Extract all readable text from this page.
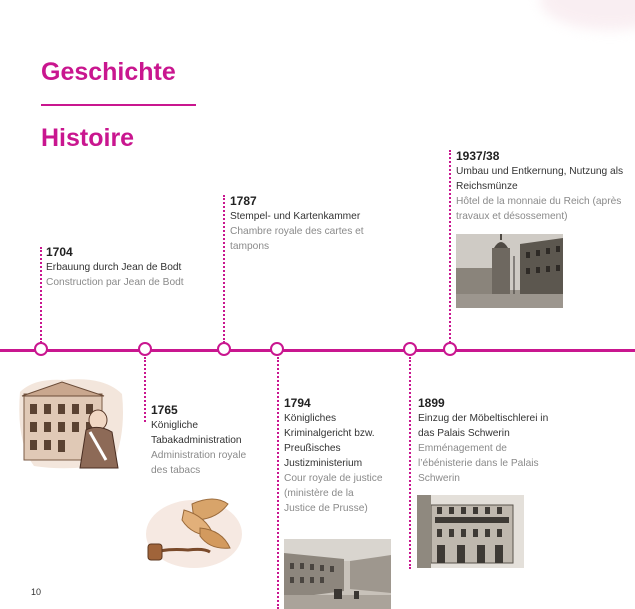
Geschichte
Histoire
1704
Erbauung durch Jean de Bodt
Construction par Jean de Bodt
1765
Königliche Tabakadministration
Administration royale des tabacs
1787
Stempel- und Kartenkammer
Chambre royale des cartes et tampons
1794
Königliches Kriminalgericht bzw. Preußisches Justizministerium
Cour royale de justice (ministère de la Justice de Prusse)
1899
Einzug der Möbeltischlerei in das Palais Schwerin
Emménagement de l’ébénisterie dans le Palais Schwerin
1937/38
Umbau und Entkernung, Nutzung als Reichsmünze
Hôtel de la monnaie du Reich (après travaux et désossement)
10
